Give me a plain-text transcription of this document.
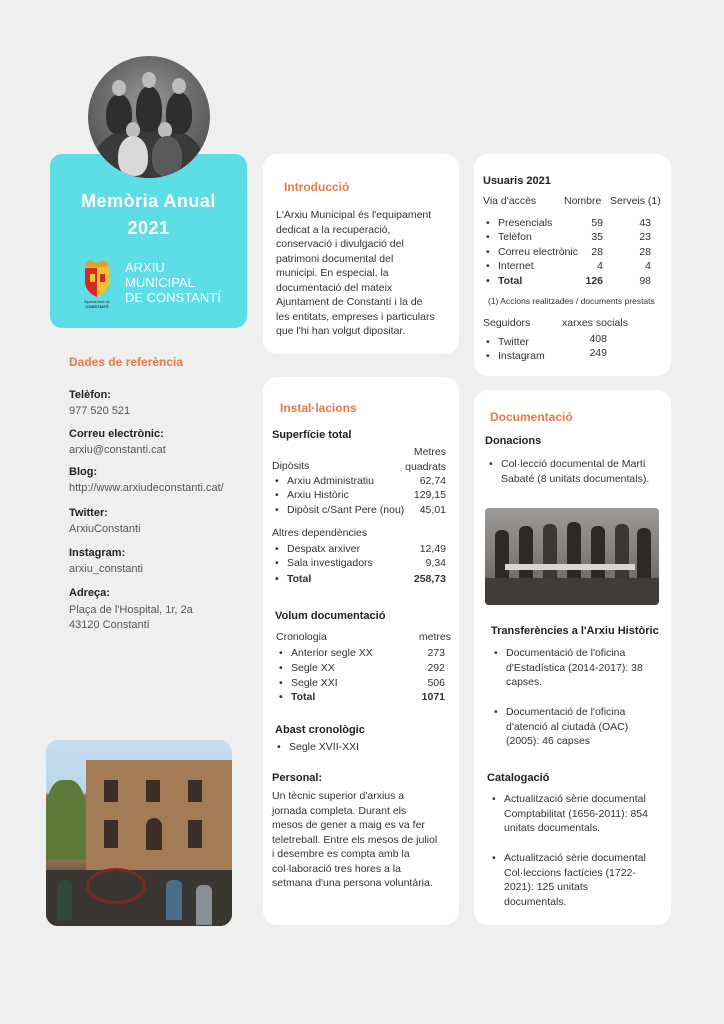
Memòria Anual
2021
Ajuntament de
CONSTANTÍ
ARXIU
MUNICIPAL
DE CONSTANTÍ
Dades de referència
Telèfon:
977 520 521
Correu electrònic:
arxiu@constanti.cat
Blog:
http://www.arxiudeconstanti.cat/
Twitter:
ArxiuConstanti
Instagram:
arxiu_constanti
Adreça:
Plaça de l'Hospital, 1r, 2a
43120 Constantí
Introducció
L'Arxiu Municipal és l'equipament
dedicat a la recuperació,
conservació i divulgació del
patrimoni documental del
municipi. En especial, la
documentació del mateix
Ajuntament de Constantí i la de
les entitats, empreses i particulars
que l'hi han volgut dipositar.
Usuaris 2021
Via d'accès	Nombre Serveis (1)
• Presencials	59	43
• Telèfon	35	23
• Correu electrònic 28	28
• Internet	4	4
• Total	126	98
(1) Accions realitzades / documents prestats
Seguidors	xarxes socials
• Twitter	408
• Instagram	249
Instal·lacions
Superfície total
Metres
Dipòsits	quadrats
• Arxiu Administratiu	62,74
• Arxiu Històric	129,15
• Dipòsit c/Sant Pere (nou) 45,01
Altres dependències
• Despatx arxiver	12,49
• Sala investigadors	9,34
• Total	258,73
Volum documentació
Cronologia	metres
• Anterior segle XX	273
• Segle XX	292
• Segle XXI	506
• Total	1071
Abast cronològic
• Segle XVII-XXI
Personal:
Un tècnic superior d'arxius a
jornada completa. Durant els
mesos de gener a maig es va fer
teletreball. Entre els mesos de juliol
i desembre es compta amb la
col·laboració tres hores a la
setmana d'una persona voluntària.
Documentació
Donacions
• Col·lecció documental de Martí
Sabaté (8 unitats documentals).
Transferències a l'Arxiu Històric
• Documentació de l'oficina
d'Estadística (2014-2017): 38
capses.
• Documentació de l'oficina
d'atenció al ciutadà (OAC)
(2005): 46 capses
Catalogació
• Actualització sèrie documental
Comptabilitat (1656-2011): 854
unitats documentals.
• Actualització sèrie documental
Col·leccions factícies (1722-
2021): 125 unitats
documentals.
